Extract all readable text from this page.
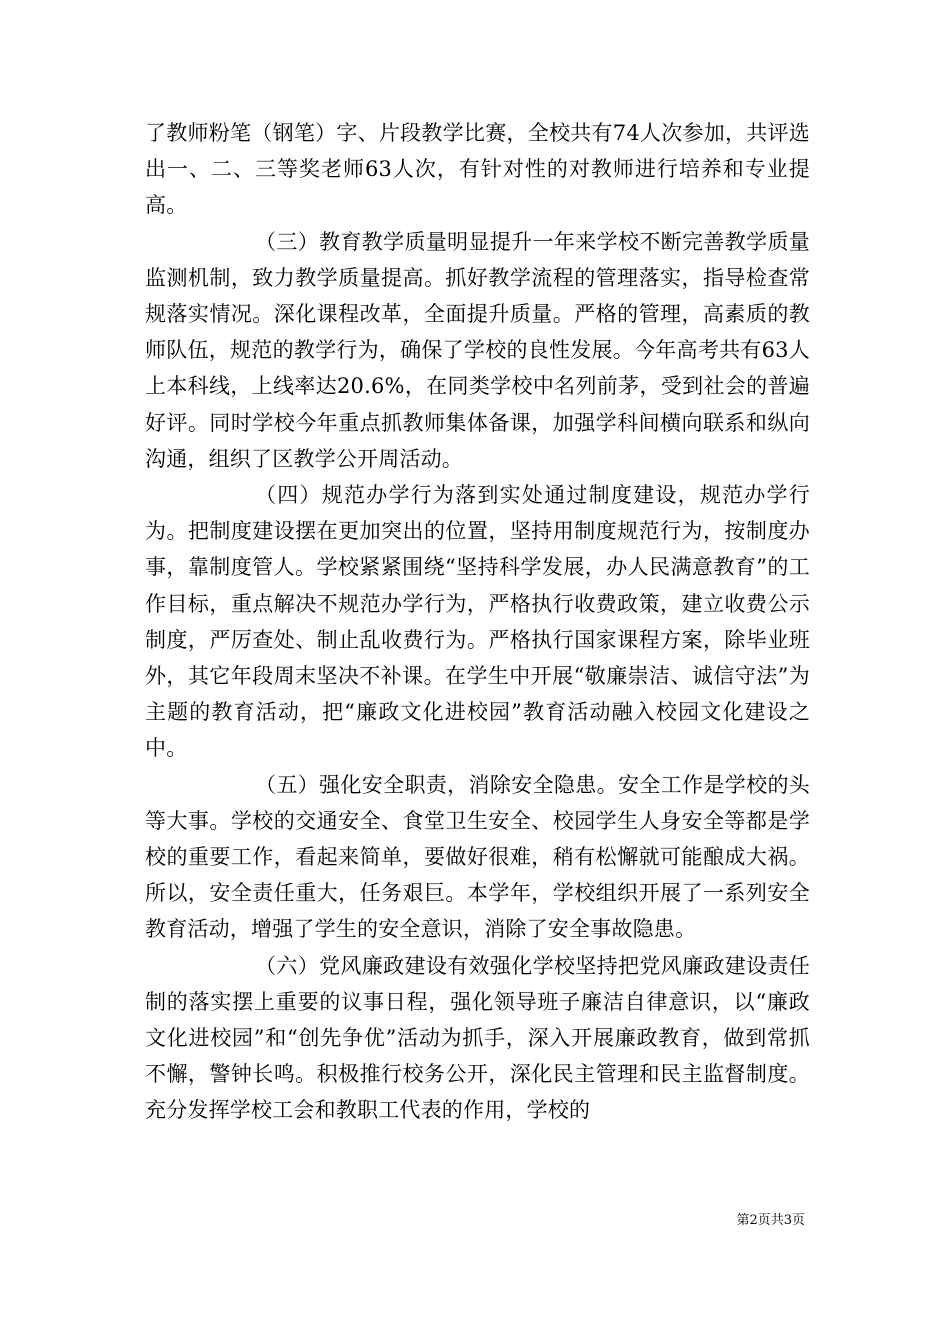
了教师粉笔（钢笔）字、片段教学比赛，全校共有74人次参加，共评选出一、二、三等奖老师63人次，有针对性的对教师进行培养和专业提高。

（三）教育教学质量明显提升一年来学校不断完善教学质量监测机制，致力教学质量提高。抓好教学流程的管理落实，指导检查常规落实情况。深化课程改革，全面提升质量。严格的管理，高素质的教师队伍，规范的教学行为，确保了学校的良性发展。今年高考共有63人上本科线，上线率达20.6%，在同类学校中名列前茅，受到社会的普遍好评。同时学校今年重点抓教师集体备课，加强学科间横向联系和纵向沟通，组织了区教学公开周活动。

（四）规范办学行为落到实处通过制度建设，规范办学行为。把制度建设摆在更加突出的位置，坚持用制度规范行为，按制度办事，靠制度管人。学校紧紧围绕“坚持科学发展，办人民满意教育”的工作目标，重点解决不规范办学行为，严格执行收费政策，建立收费公示制度，严厉查处、制止乱收费行为。严格执行国家课程方案，除毕业班外，其它年段周末坚决不补课。在学生中开展“敬廉崇洁、诚信守法”为主题的教育活动，把“廉政文化进校园”教育活动融入校园文化建设之中。

（五）强化安全职责，消除安全隐患。安全工作是学校的头等大事。学校的交通安全、食堂卫生安全、校园学生人身安全等都是学校的重要工作，看起来简单，要做好很难，稍有松懈就可能酿成大祸。所以，安全责任重大，任务艰巨。本学年，学校组织开展了一系列安全教育活动，增强了学生的安全意识，消除了安全事故隐患。

（六）党风廉政建设有效强化学校坚持把党风廉政建设责任制的落实摆上重要的议事日程，强化领导班子廉洁自律意识，以“廉政文化进校园”和“创先争优”活动为抓手，深入开展廉政教育，做到常抓不懈，警钟长鸣。积极推行校务公开，深化民主管理和民主监督制度。充分发挥学校工会和教职工代表的作用，学校的

第2页共3页
